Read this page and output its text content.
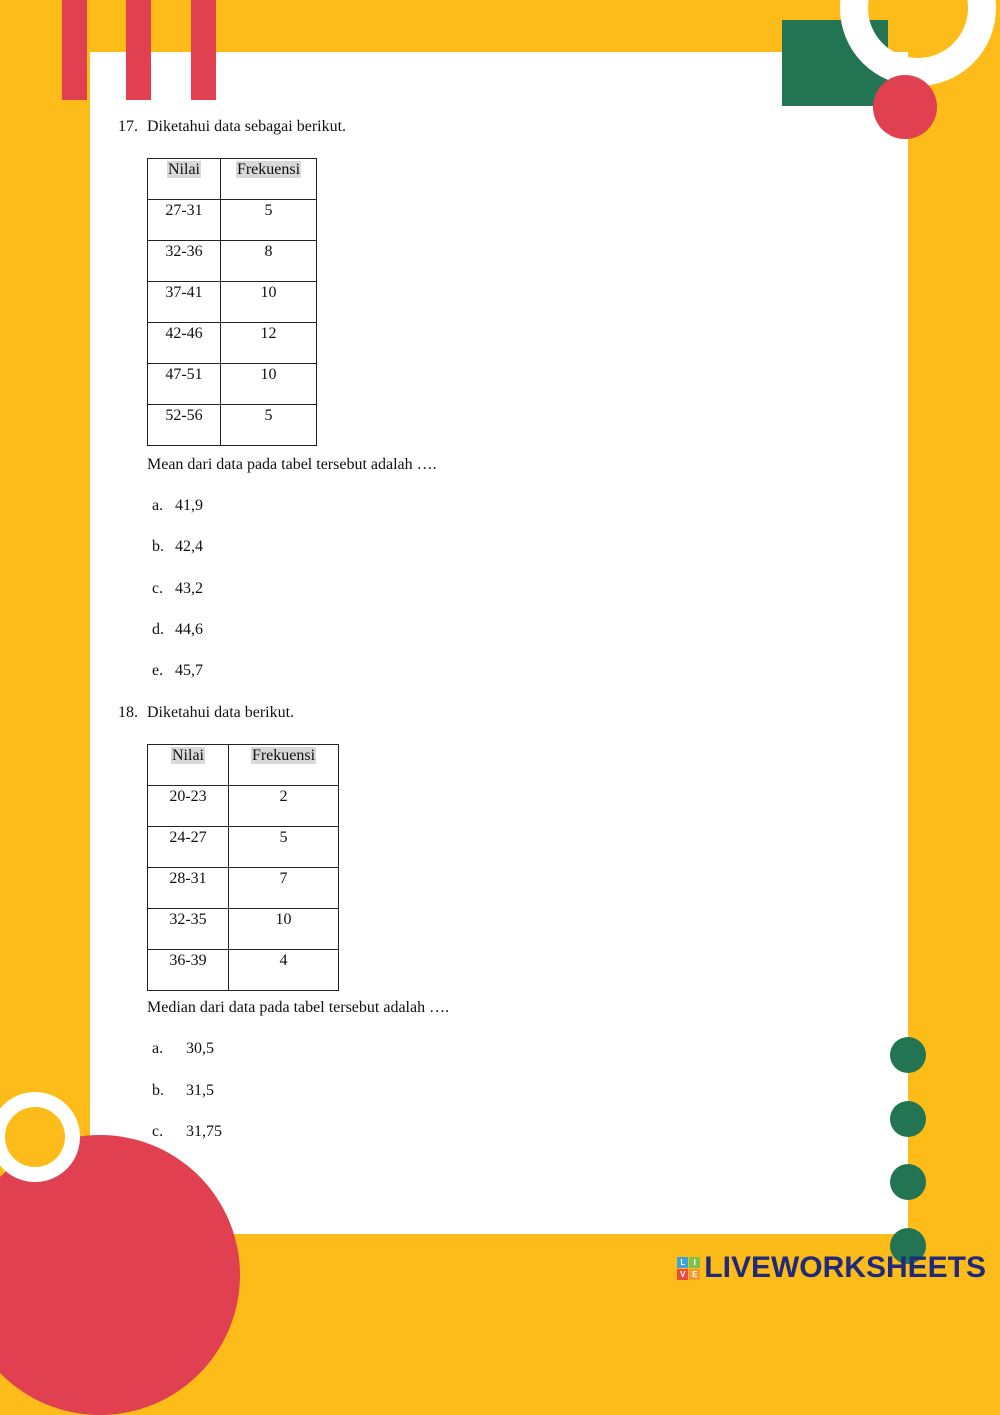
17. Diketahui data sebagai berikut.
Nilai	Frekuensi
27-31	5
32-36	8
37-41	10
42-46	12
47-51	10
52-56	5
Mean dari data pada tabel tersebut adalah ….
a. 41,9
b. 42,4
c. 43,2
d. 44,6
e. 45,7
18. Diketahui data berikut.
Nilai	Frekuensi
20-23	2
24-27	5
28-31	7
32-35	10
36-39	4
Median dari data pada tabel tersebut adalah ….
a. 30,5
b. 31,5
c. 31,75
L	I
V E LIVEWORKSHEETS
